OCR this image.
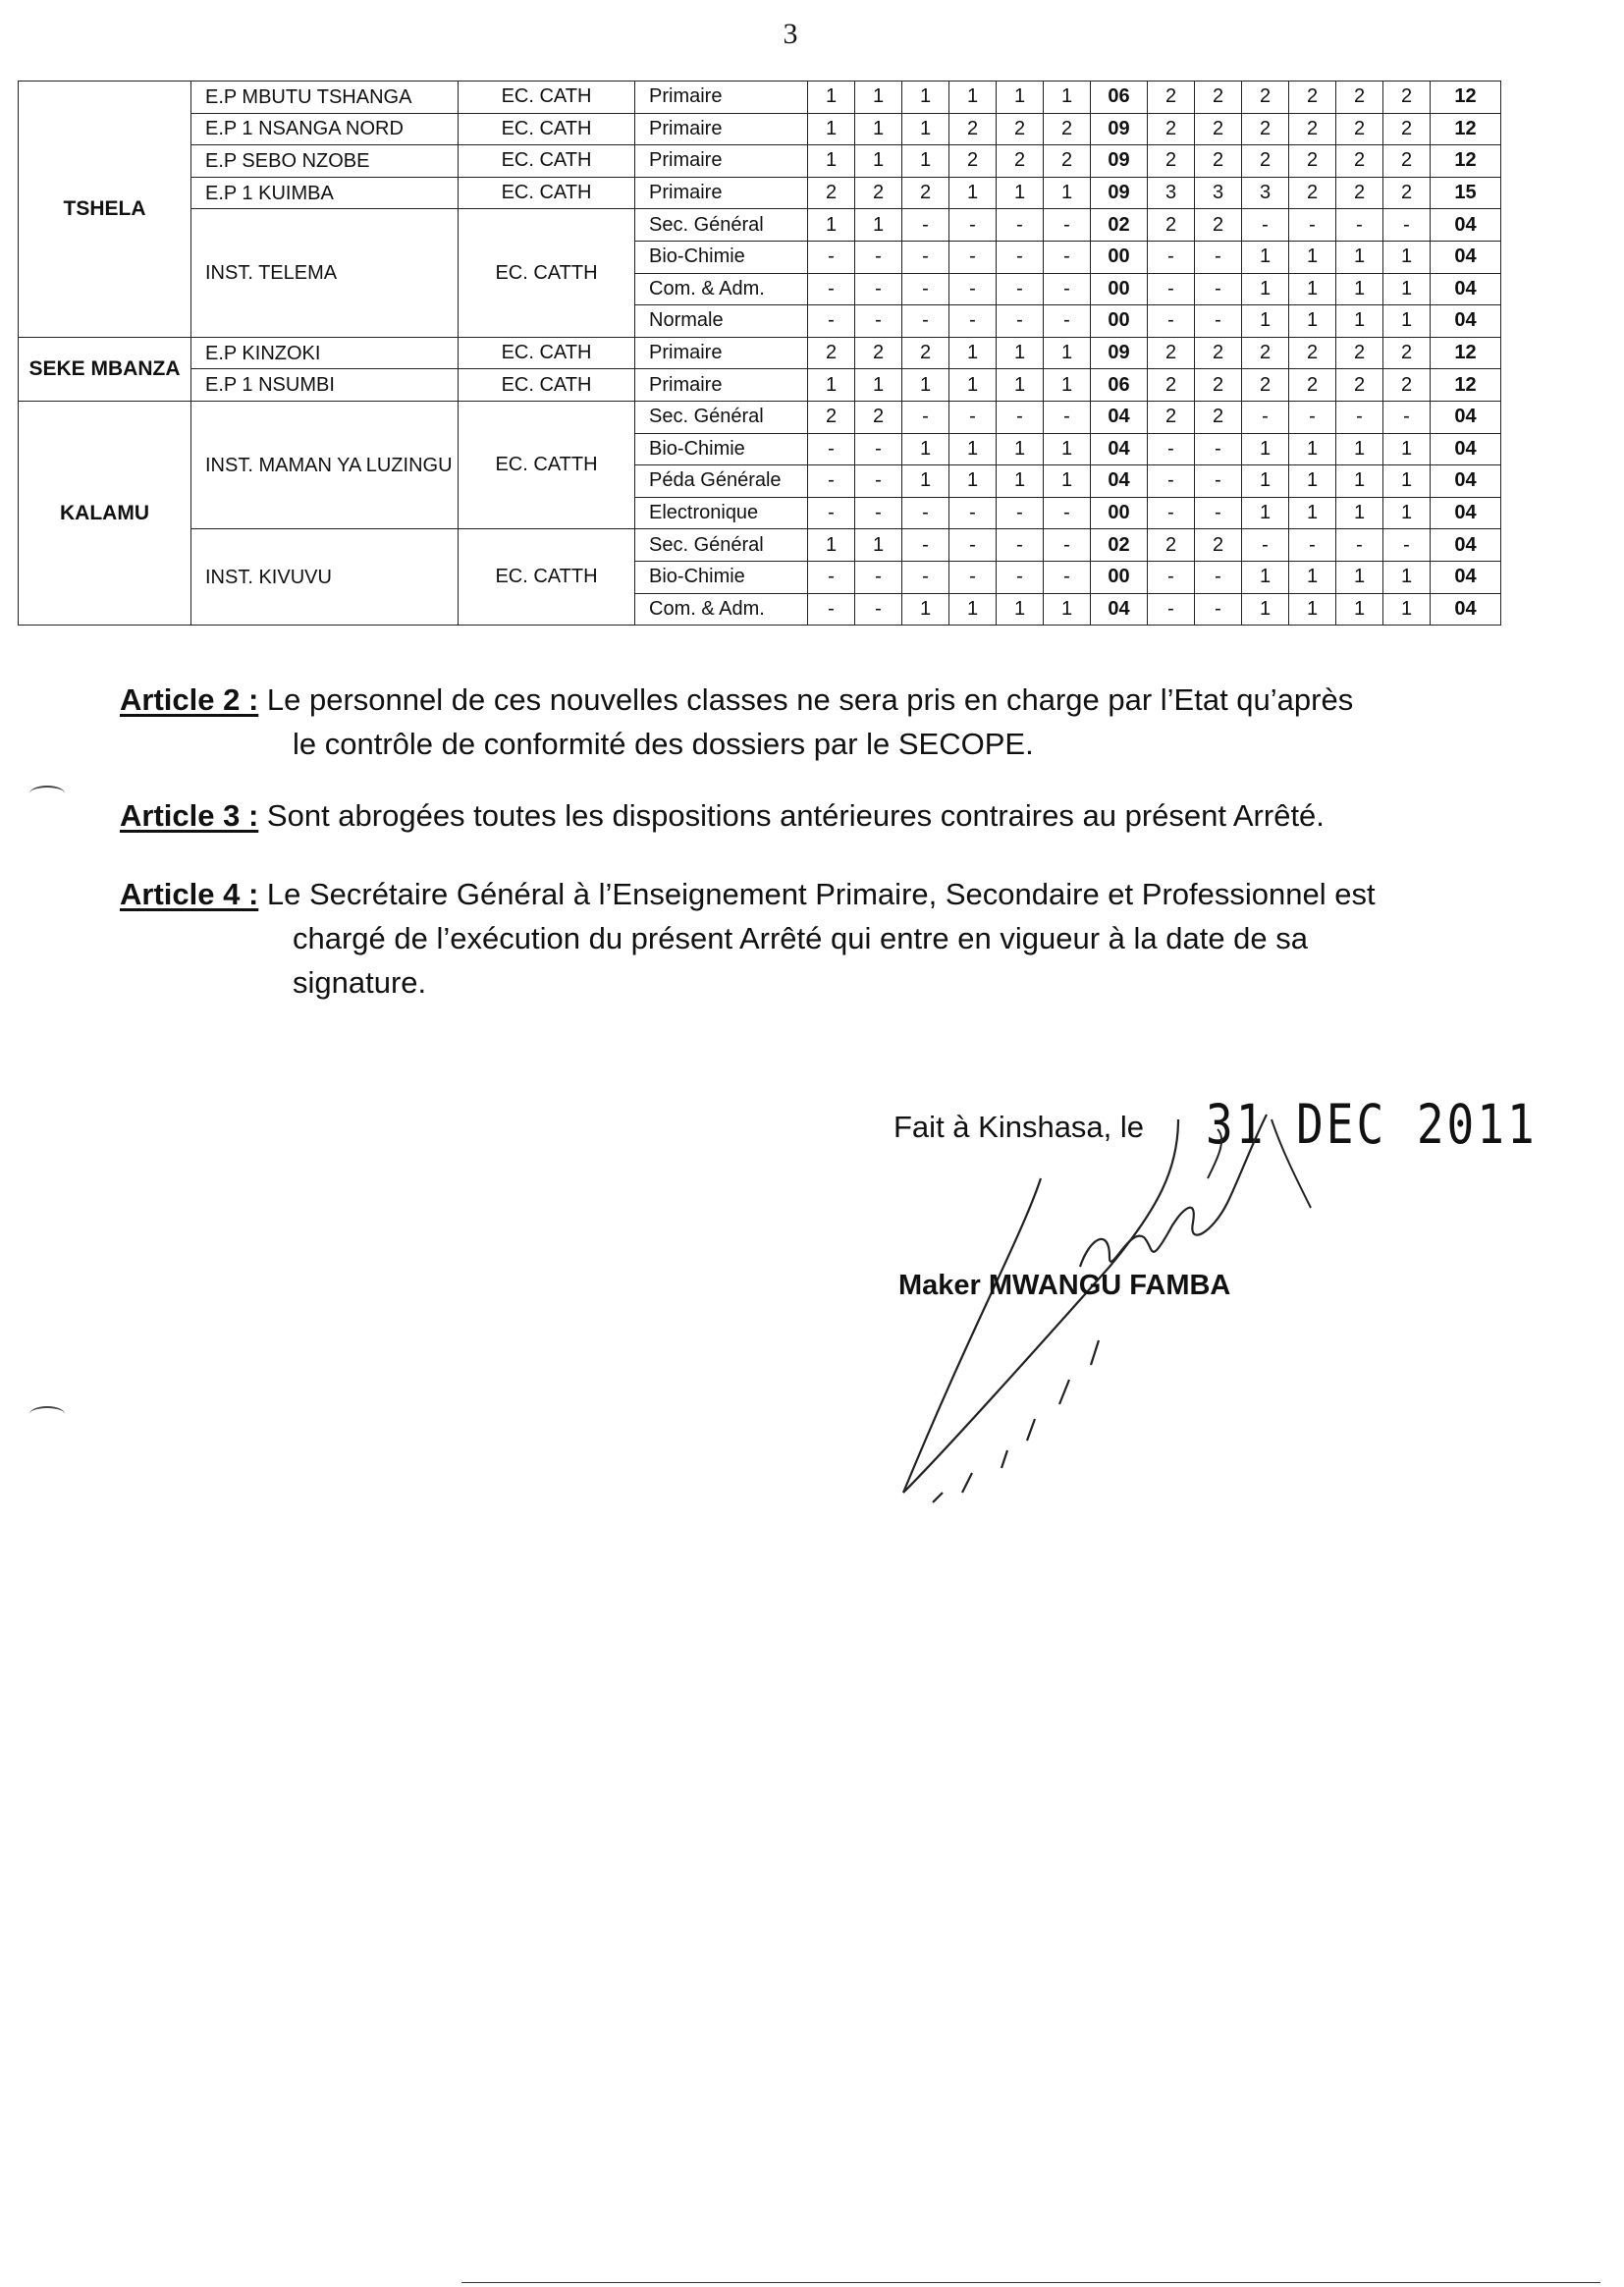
3
TSHELA	E.P MBUTU TSHANGA	EC. CATH	Primaire	1	1	1	1	1	1	06	2	2	2	2	2	2	12
	E.P 1 NSANGA NORD	EC. CATH	Primaire	1	1	1	2	2	2	09	2	2	2	2	2	2	12
	E.P SEBO NZOBE	EC. CATH	Primaire	1	1	1	2	2	2	09	2	2	2	2	2	2	12
	E.P 1 KUIMBA	EC. CATH	Primaire	2	2	2	1	1	1	09	3	3	3	2	2	2	15
	INST. TELEMA	EC. CATTH	Sec. Général	1	1	-	-	-	-	02	2	2	-	-	-	-	04
			Bio-Chimie	-	-	-	-	-	-	00	-	-	1	1	1	1	04
			Com. & Adm.	-	-	-	-	-	-	00	-	-	1	1	1	1	04
			Normale	-	-	-	-	-	-	00	-	-	1	1	1	1	04
SEKE MBANZA	E.P KINZOKI	EC. CATH	Primaire	2	2	2	1	1	1	09	2	2	2	2	2	2	12
	E.P 1 NSUMBI	EC. CATH	Primaire	1	1	1	1	1	1	06	2	2	2	2	2	2	12
KALAMU	INST. MAMAN YA LUZINGU	EC. CATTH	Sec. Général	2	2	-	-	-	-	04	2	2	-	-	-	-	04
			Bio-Chimie	-	-	1	1	1	1	04	-	-	1	1	1	1	04
			Péda Générale	-	-	1	1	1	1	04	-	-	1	1	1	1	04
			Electronique	-	-	-	-	-	-	00	-	-	1	1	1	1	04
	INST. KIVUVU	EC. CATTH	Sec. Général	1	1	-	-	-	-	02	2	2	-	-	-	-	04
			Bio-Chimie	-	-	-	-	-	-	00	-	-	1	1	1	1	04
			Com. & Adm.	-	-	1	1	1	1	04	-	-	1	1	1	1	04
Article 2 : Le personnel de ces nouvelles classes ne sera pris en charge par l’Etat qu’après
le contrôle de conformité des dossiers par le SECOPE.
Article 3 : Sont abrogées toutes les dispositions antérieures contraires au présent Arrêté.
Article 4 : Le Secrétaire Général à l’Enseignement Primaire, Secondaire et Professionnel est
chargé de l’exécution du présent Arrêté qui entre en vigueur à la date de sa signature.
Fait à Kinshasa, le 31 DEC 2011
Maker MWANGU FAMBA
